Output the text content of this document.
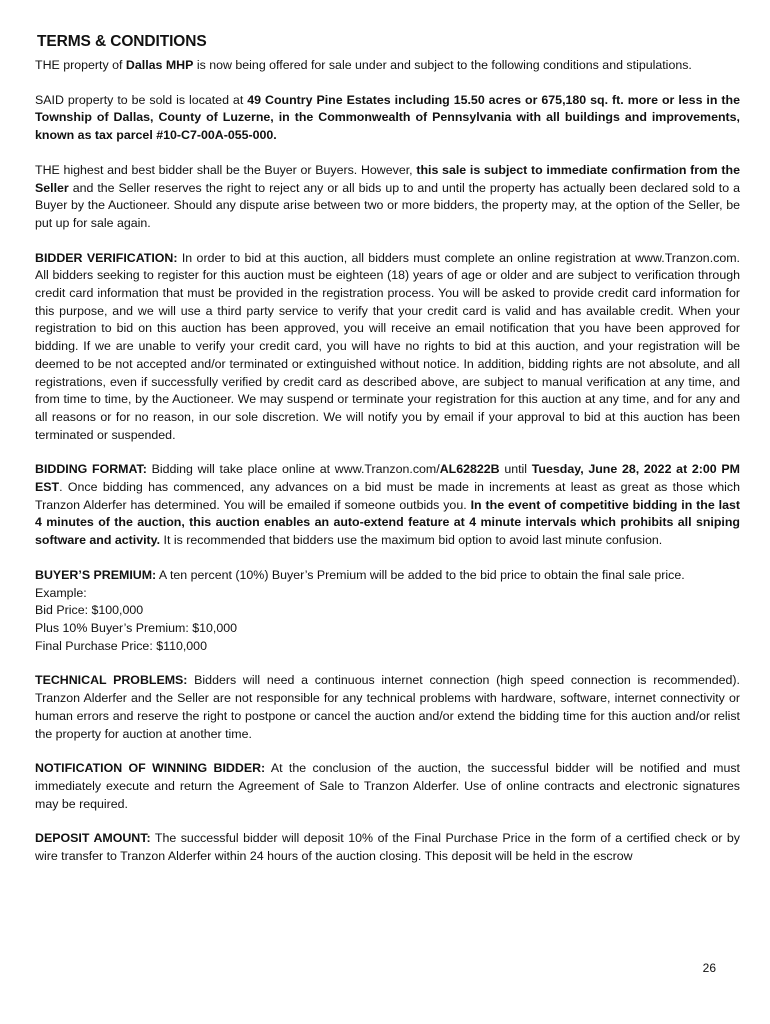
TERMS & CONDITIONS

THE property of Dallas MHP is now being offered for sale under and subject to the following conditions and stipulations.

SAID property to be sold is located at 49 Country Pine Estates including 15.50 acres or 675,180 sq. ft. more or less in the Township of Dallas, County of Luzerne, in the Commonwealth of Pennsylvania with all buildings and improvements, known as tax parcel #10-C7-00A-055-000.

THE highest and best bidder shall be the Buyer or Buyers. However, this sale is subject to immediate confirmation from the Seller and the Seller reserves the right to reject any or all bids up to and until the property has actually been declared sold to a Buyer by the Auctioneer. Should any dispute arise between two or more bidders, the property may, at the option of the Seller, be put up for sale again.

BIDDER VERIFICATION: In order to bid at this auction, all bidders must complete an online registration at www.Tranzon.com. All bidders seeking to register for this auction must be eighteen (18) years of age or older and are subject to verification through credit card information that must be provided in the registration process. You will be asked to provide credit card information for this purpose, and we will use a third party service to verify that your credit card is valid and has available credit. When your registration to bid on this auction has been approved, you will receive an email notification that you have been approved for bidding. If we are unable to verify your credit card, you will have no rights to bid at this auction, and your registration will be deemed to be not accepted and/or terminated or extinguished without notice. In addition, bidding rights are not absolute, and all registrations, even if successfully verified by credit card as described above, are subject to manual verification at any time, and from time to time, by the Auctioneer. We may suspend or terminate your registration for this auction at any time, and for any and all reasons or for no reason, in our sole discretion. We will notify you by email if your approval to bid at this auction has been terminated or suspended.

BIDDING FORMAT: Bidding will take place online at www.Tranzon.com/AL62822B until Tuesday, June 28, 2022 at 2:00 PM EST. Once bidding has commenced, any advances on a bid must be made in increments at least as great as those which Tranzon Alderfer has determined. You will be emailed if someone outbids you. In the event of competitive bidding in the last 4 minutes of the auction, this auction enables an auto-extend feature at 4 minute intervals which prohibits all sniping software and activity. It is recommended that bidders use the maximum bid option to avoid last minute confusion.

BUYER’S PREMIUM: A ten percent (10%) Buyer’s Premium will be added to the bid price to obtain the final sale price.

Example:
Bid Price: $100,000
Plus 10% Buyer’s Premium: $10,000
Final Purchase Price: $110,000

TECHNICAL PROBLEMS: Bidders will need a continuous internet connection (high speed connection is recommended). Tranzon Alderfer and the Seller are not responsible for any technical problems with hardware, software, internet connectivity or human errors and reserve the right to postpone or cancel the auction and/or extend the bidding time for this auction and/or relist the property for auction at another time.

NOTIFICATION OF WINNING BIDDER: At the conclusion of the auction, the successful bidder will be notified and must immediately execute and return the Agreement of Sale to Tranzon Alderfer. Use of online contracts and electronic signatures may be required.

DEPOSIT AMOUNT: The successful bidder will deposit 10% of the Final Purchase Price in the form of a certified check or by wire transfer to Tranzon Alderfer within 24 hours of the auction closing. This deposit will be held in the escrow

26
